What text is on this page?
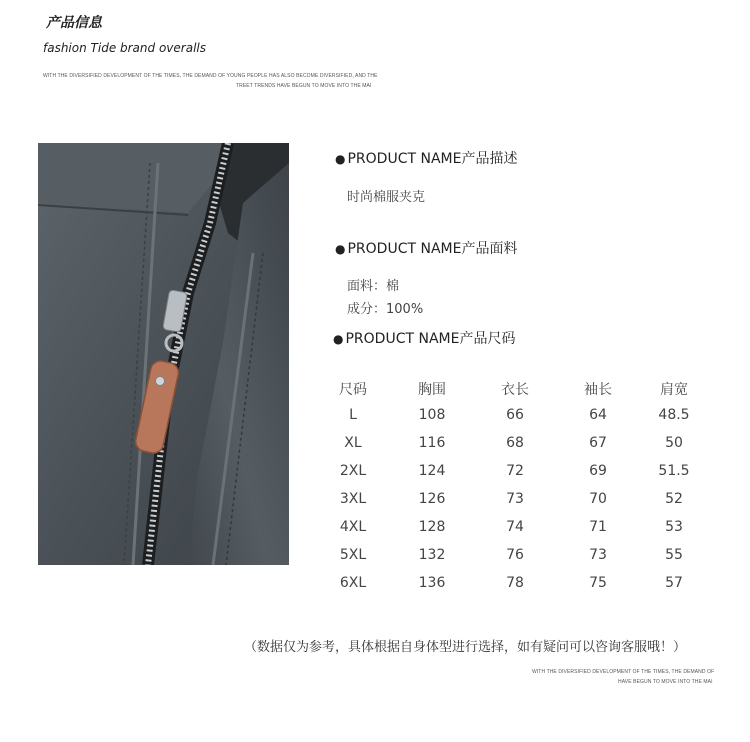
产品信息
fashion Tide brand overalls
WITH THE DIVERSIFIED DEVELOPMENT OF THE TIMES, THE DEMAND OF YOUNG PEOPLE HAS ALSO BECOME DIVERSIFIED, AND THE
TREET TRENDS HAVE BEGUN TO MOVE INTO THE MAI
● PRODUCT NAME产品描述
时尚棉服夹克
● PRODUCT NAME产品面料
面料：棉
成分：100%
● PRODUCT NAME产品尺码
尺码	胸围	衣长	袖长	肩宽
L	108	66	64	48.5
XL	116	68	67	50
2XL	124	72	69	51.5
3XL	126	73	70	52
4XL	128	74	71	53
5XL	132	76	73	55
6XL	136	78	75	57
（数据仅为参考，具体根据自身体型进行选择，如有疑问可以咨询客服哦！）
WITH THE DIVERSIFIED DEVELOPMENT OF THE TIMES, THE DEMAND OF
HAVE BEGUN TO MOVE INTO THE MAI
